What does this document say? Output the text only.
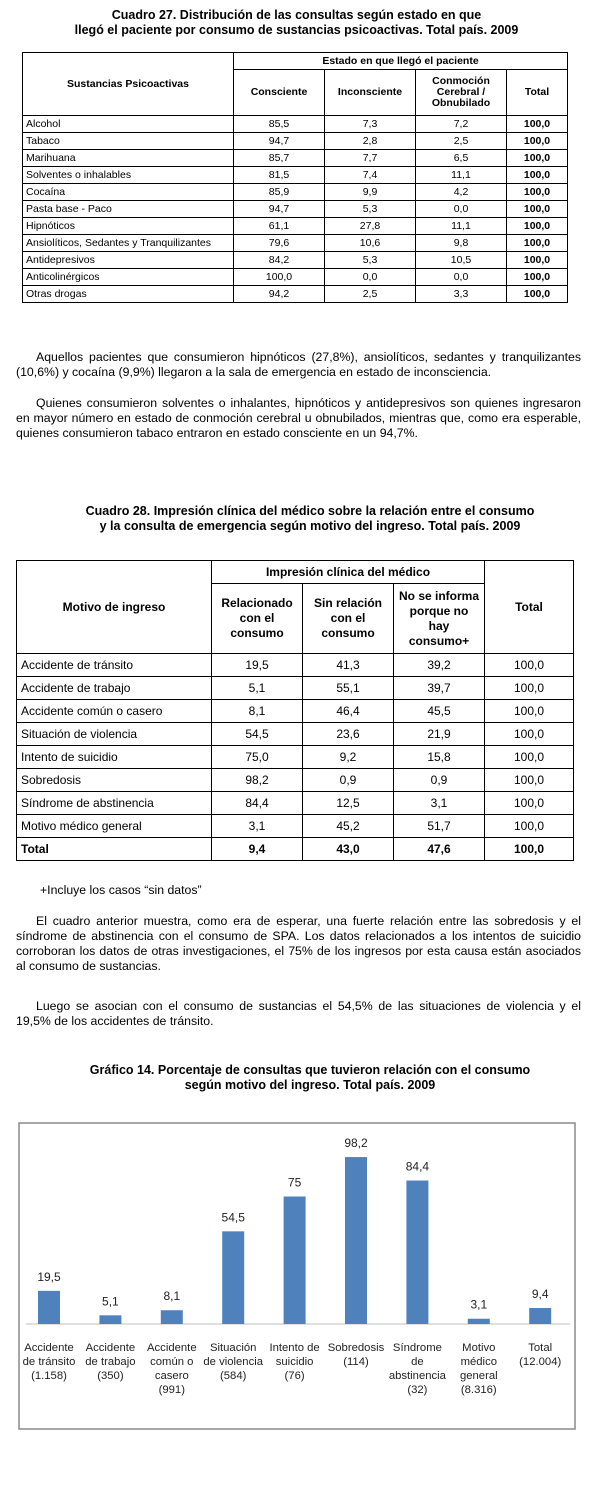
Cuadro 27. Distribución de las consultas según estado en que
llegó el paciente por consumo de sustancias psicoactivas. Total país. 2009
Sustancias Psicoactivas	Estado en que llegó el paciente			
	Consciente	Inconsciente	Conmoción Cerebral / Obnubilado	Total
Alcohol	85,5	7,3	7,2	100,0
Tabaco	94,7	2,8	2,5	100,0
Marihuana	85,7	7,7	6,5	100,0
Solventes o inhalables	81,5	7,4	11,1	100,0
Cocaína	85,9	9,9	4,2	100,0
Pasta base - Paco	94,7	5,3	0,0	100,0
Hipnóticos	61,1	27,8	11,1	100,0
Ansiolíticos, Sedantes y Tranquilizantes	79,6	10,6	9,8	100,0
Antidepresivos	84,2	5,3	10,5	100,0
Anticolinérgicos	100,0	0,0	0,0	100,0
Otras drogas	94,2	2,5	3,3	100,0

Aquellos pacientes que consumieron hipnóticos (27,8%), ansiolíticos, sedantes y tranquilizantes (10,6%) y cocaína (9,9%) llegaron a la sala de emergencia en estado de inconsciencia.

Quienes consumieron solventes o inhalantes, hipnóticos y antidepresivos son quienes ingresaron en mayor número en estado de conmoción cerebral u obnubilados, mientras que, como era esperable, quienes consumieron tabaco entraron en estado consciente en un 94,7%.

Cuadro 28. Impresión clínica del médico sobre la relación entre el consumo
y la consulta de emergencia según motivo del ingreso. Total país. 2009
Motivo de ingreso	Impresión clínica del médico			Total
	Relacionado con el consumo	Sin relación con el consumo	No se informa porque no hay consumo+	
Accidente de tránsito	19,5	41,3	39,2	100,0
Accidente de trabajo	5,1	55,1	39,7	100,0
Accidente común o casero	8,1	46,4	45,5	100,0
Situación de violencia	54,5	23,6	21,9	100,0
Intento de suicidio	75,0	9,2	15,8	100,0
Sobredosis	98,2	0,9	0,9	100,0
Síndrome de abstinencia	84,4	12,5	3,1	100,0
Motivo médico general	3,1	45,2	51,7	100,0
Total	9,4	43,0	47,6	100,0
+Incluye los casos “sin datos”

El cuadro anterior muestra, como era de esperar, una fuerte relación entre las sobredosis y el síndrome de abstinencia con el consumo de SPA. Los datos relacionados a los intentos de suicidio corroboran los datos de otras investigaciones, el 75% de los ingresos por esta causa están asociados al consumo de sustancias.

Luego se asocian con el consumo de sustancias el 54,5% de las situaciones de violencia y el 19,5% de los accidentes de tránsito.

Gráfico 14. Porcentaje de consultas que tuvieron relación con el consumo
según motivo del ingreso. Total país. 2009
19,5
Accidente
de tránsito
(1.158)
5,1
Accidente
de trabajo
(350)
8,1
Accidente
común o
casero
(991)
54,5
Situación
de violencia
(584)
75
Intento de
suicidio
(76)
98,2
Sobredosis
(114)
84,4
Síndrome
de
abstinencia
(32)
3,1
Motivo
médico
general
(8.316)
9,4
Total
(12.004)
